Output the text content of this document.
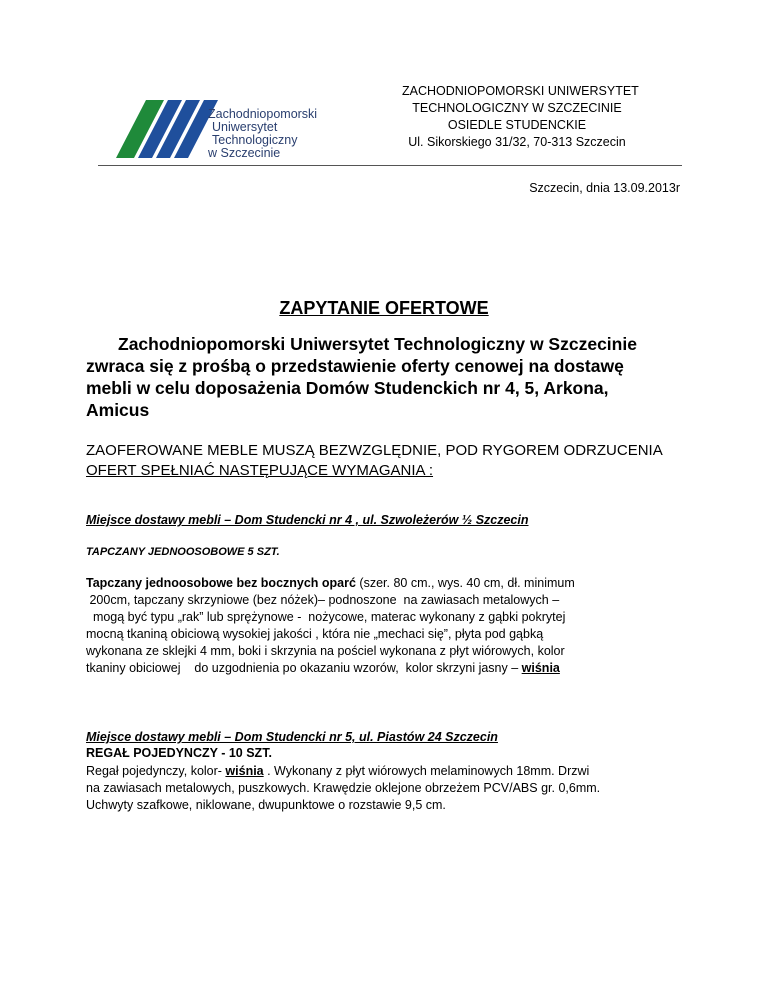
Zachodniopomorski
Uniwersytet
Technologiczny
w Szczecinie
ZACHODNIOPOMORSKI UNIWERSYTET
TECHNOLOGICZNY W SZCZECINIE
OSIEDLE STUDENCKIE
Ul. Sikorskiego 31/32, 70-313 Szczecin
Szczecin, dnia 13.09.2013r
ZAPYTANIE OFERTOWE
Zachodniopomorski Uniwersytet Technologiczny w Szczecinie
zwraca się z prośbą o przedstawienie oferty cenowej na dostawę
mebli w celu doposażenia Domów Studenckich nr 4, 5, Arkona,
Amicus
ZAOFEROWANE MEBLE MUSZĄ BEZWZGLĘDNIE, POD RYGOREM ODRZUCENIA
OFERT SPEŁNIAĆ NASTĘPUJĄCE WYMAGANIA :
Miejsce dostawy mebli – Dom Studencki nr 4 , ul. Szwoleżerów ½ Szczecin
TAPCZANY JEDNOOSOBOWE 5 SZT.
Tapczany jednoosobowe bez bocznych oparć (szer. 80 cm., wys. 40 cm, dł. minimum
200cm, tapczany skrzyniowe (bez nóżek)– podnoszone  na zawiasach metalowych –
mogą być typu „rak” lub sprężynowe -  nożycowe, materac wykonany z gąbki pokrytej
mocną tkaniną obiciową wysokiej jakości , która nie „mechaci się”, płyta pod gąbką
wykonana ze sklejki 4 mm, boki i skrzynia na pościel wykonana z płyt wiórowych, kolor
tkaniny obiciowej    do uzgodnienia po okazaniu wzorów,  kolor skrzyni jasny – wiśnia
Miejsce dostawy mebli – Dom Studencki nr 5, ul. Piastów 24 Szczecin
REGAŁ POJEDYNCZY - 10 SZT.
Regał pojedynczy, kolor- wiśnia . Wykonany z płyt wiórowych melaminowych 18mm. Drzwi
na zawiasach metalowych, puszkowych. Krawędzie oklejone obrzeżem PCV/ABS gr. 0,6mm.
Uchwyty szafkowe, niklowane, dwupunktowe o rozstawie 9,5 cm.
